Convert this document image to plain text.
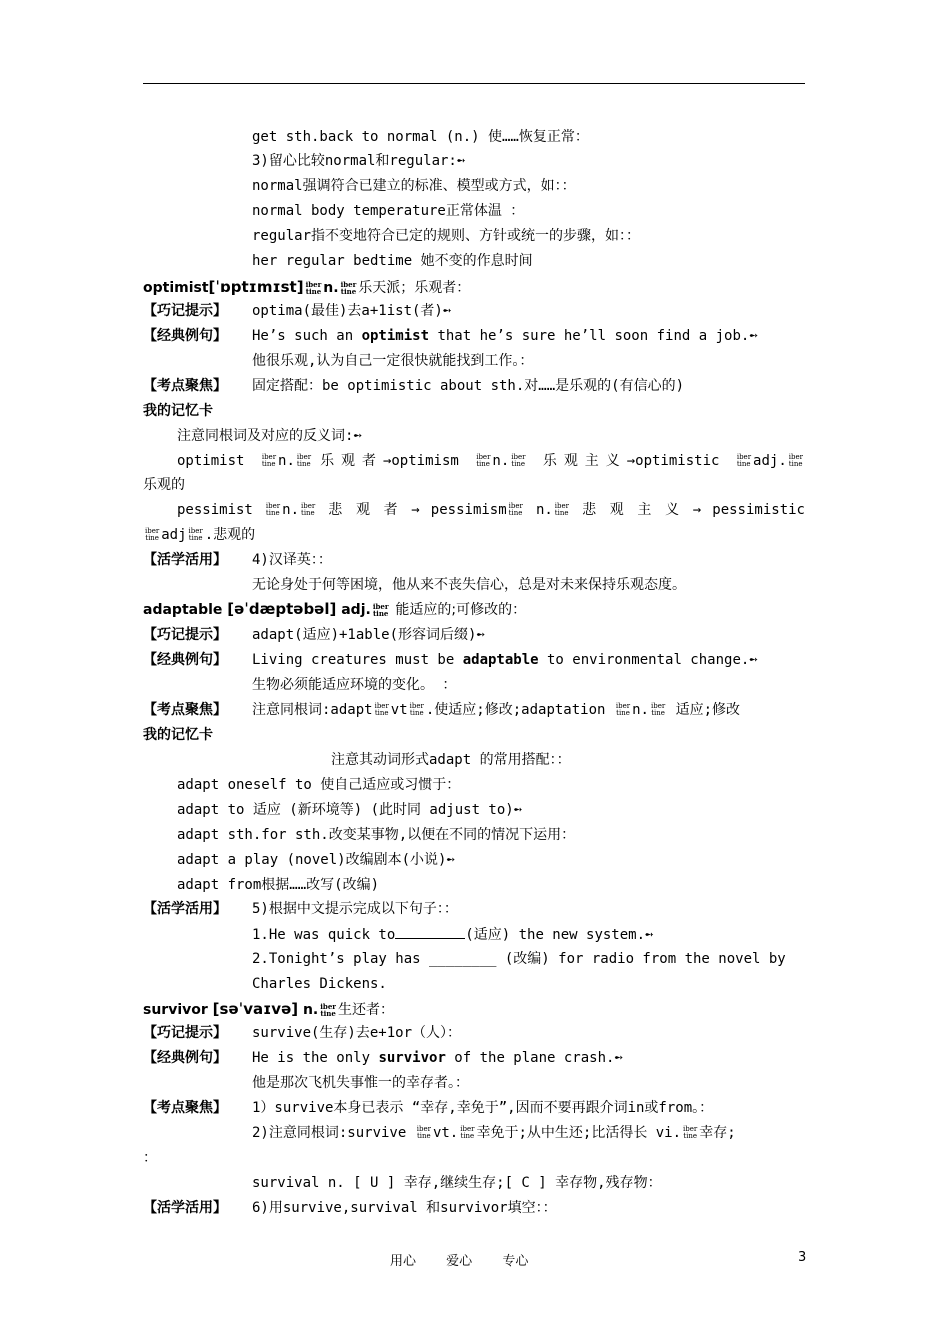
get sth.back to normal (n.) 使……恢复正常：
3)留心比较normal和regular:➻
normal强调符合已建立的标准、模型或方式，如：：
normal body temperature正常体温 ：
regular指不变地符合已定的规则、方针或统一的步骤，如：：
her regular bedtime 她不变的作息时间
optimist[ˈɒptɪmɪst] iber
tine n. iber
tine 乐天派；乐观者：
【巧记提示】 optima(最佳)去a+1ist(者)➻
【经典例句】 He’s such an optimist that he’s sure he’ll soon find a job.➻
他很乐观,认为自己一定很快就能找到工作。：
【考点聚焦】 固定搭配：be optimistic about sth.对……是乐观的(有信心的)
我的记忆卡
注意同根词及对应的反义词:➻
optimist iber
tine n. iber
tine 乐观者→optimism iber
tine n. iber
tine 乐观主义→optimistic iber
tine adj. iber
tine
乐观的
pessimist iber
tine n. iber
tine 悲 观 者 → pessimism iber
tine n. iber
tine 悲 观 主 义 → pessimistic
iber
tine adj iber
tine .悲观的
【活学活用】 4)汉译英：：
无论身处于何等困境，他从来不丧失信心，总是对未来保持乐观态度。
adaptable [əˈdæptəbəl] adj. iber
tine 能适应的;可修改的：
【巧记提示】 adapt(适应)+1able(形容词后缀)➻
【经典例句】 Living creatures must be adaptable to environmental change.➻
生物必须能适应环境的变化。 ：
【考点聚焦】 注意同根词:adapt iber
tine vt iber
tine .使适应;修改;adaptation iber
tine n. iber
tine 适应;修改
我的记忆卡
注意其动词形式adapt 的常用搭配：：
adapt oneself to 使自己适应或习惯于：
adapt to 适应 (新环境等) (此时同 adjust to)➻
adapt sth.for sth.改变某事物,以便在不同的情况下运用：
adapt a play (novel)改编剧本(小说)➻
adapt from根据……改写(改编)
【活学活用】 5)根据中文提示完成以下句子：：
1.He was quick to	(适应) the new system.➻
2.Tonight’s play has ________ (改编) for radio from the novel by
Charles Dickens.
survivor [səˈvaɪvə] n. iber
tine 生还者：
【巧记提示】 survive(生存)去e+1or（人）：
【经典例句】 He is the only survivor of the plane crash.➻
他是那次飞机失事惟一的幸存者。：
【考点聚焦】 1）survive本身已表示 “幸存,幸免于”,因而不要再跟介词in或from。：
2)注意同根词:survive iber
tine vt. iber
tine 幸免于;从中生还;比活得长 vi. iber
tine 幸存;
：
survival n. [ U ] 幸存,继续生存;[ C ] 幸存物,残存物：
【活学活用】 6)用survive,survival 和survivor填空：：
用心 爱心 专心	3
